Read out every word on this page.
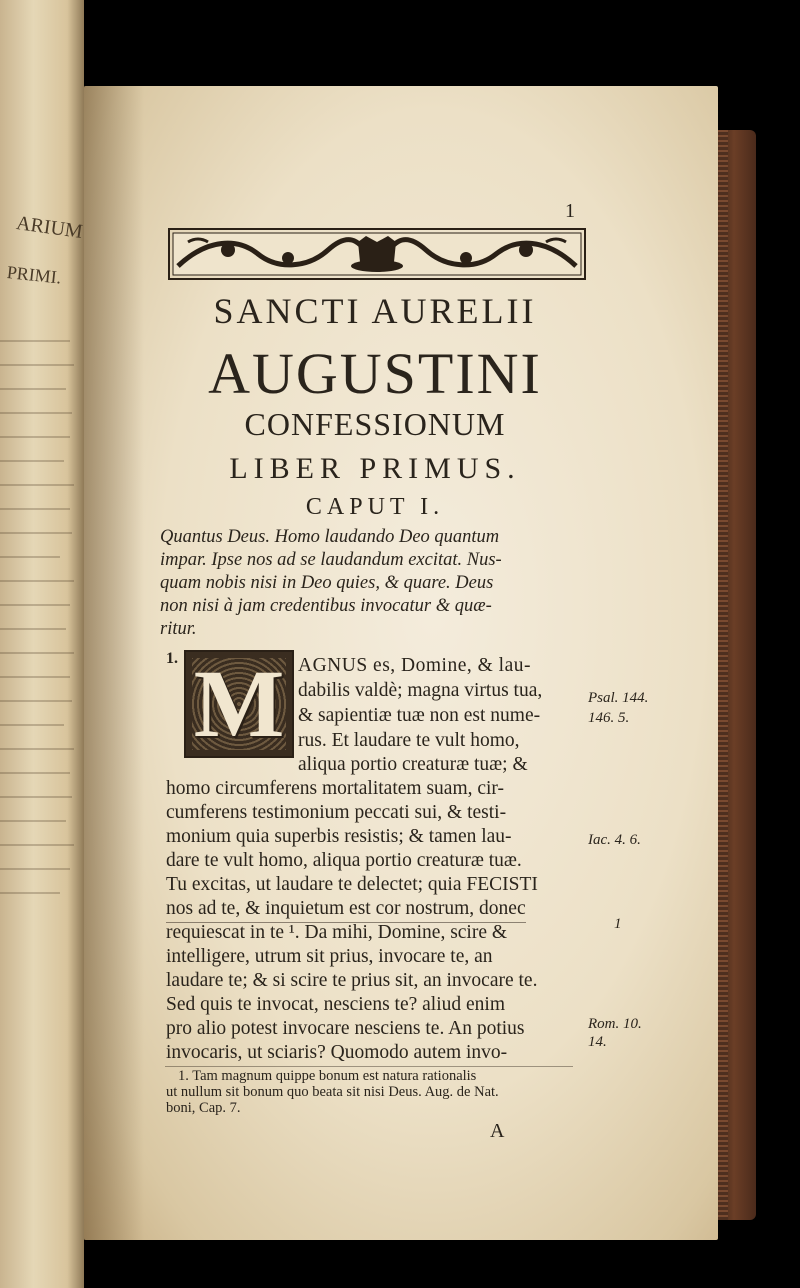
ARIUM
PRIMI.
1
SANCTI AURELII
AUGUSTINI
CONFESSIONUM
LIBER PRIMUS.
CAPUT I.
Quantus Deus. Homo laudando Deo quantum
impar. Ipse nos ad se laudandum excitat. Nus-
quam nobis nisi in Deo quies, & quare. Deus
non nisi à jam credentibus invocatur & quæ-
ritur.
1. M AGNUS es, Domine, & lau-
dabilis valdè; magna virtus tua,
& sapientiæ tuæ non est nume-
rus. Et laudare te vult homo,
aliqua portio creaturæ tuæ; &
homo circumferens mortalitatem suam, cir-
cumferens testimonium peccati sui, & testi-
monium quia superbis resistis; & tamen lau-
dare te vult homo, aliqua portio creaturæ tuæ.
Tu excitas, ut laudare te delectet; quia FECISTI
nos ad te, & inquietum est cor nostrum, donec
requiescat in te ¹. Da mihi, Domine, scire &
intelligere, utrum sit prius, invocare te, an
laudare te; & si scire te prius sit, an invocare te.
Sed quis te invocat, nesciens te? aliud enim
pro alio potest invocare nesciens te. An potius
invocaris, ut sciaris? Quomodo autem invo-
Psal. 144.
146. 5.
Iac. 4. 6.
1
Rom. 10.
14.
1. Tam magnum quippe bonum est natura rationalis
ut nullum sit bonum quo beata sit nisi Deus. Aug. de Nat.
boni, Cap. 7.
A
